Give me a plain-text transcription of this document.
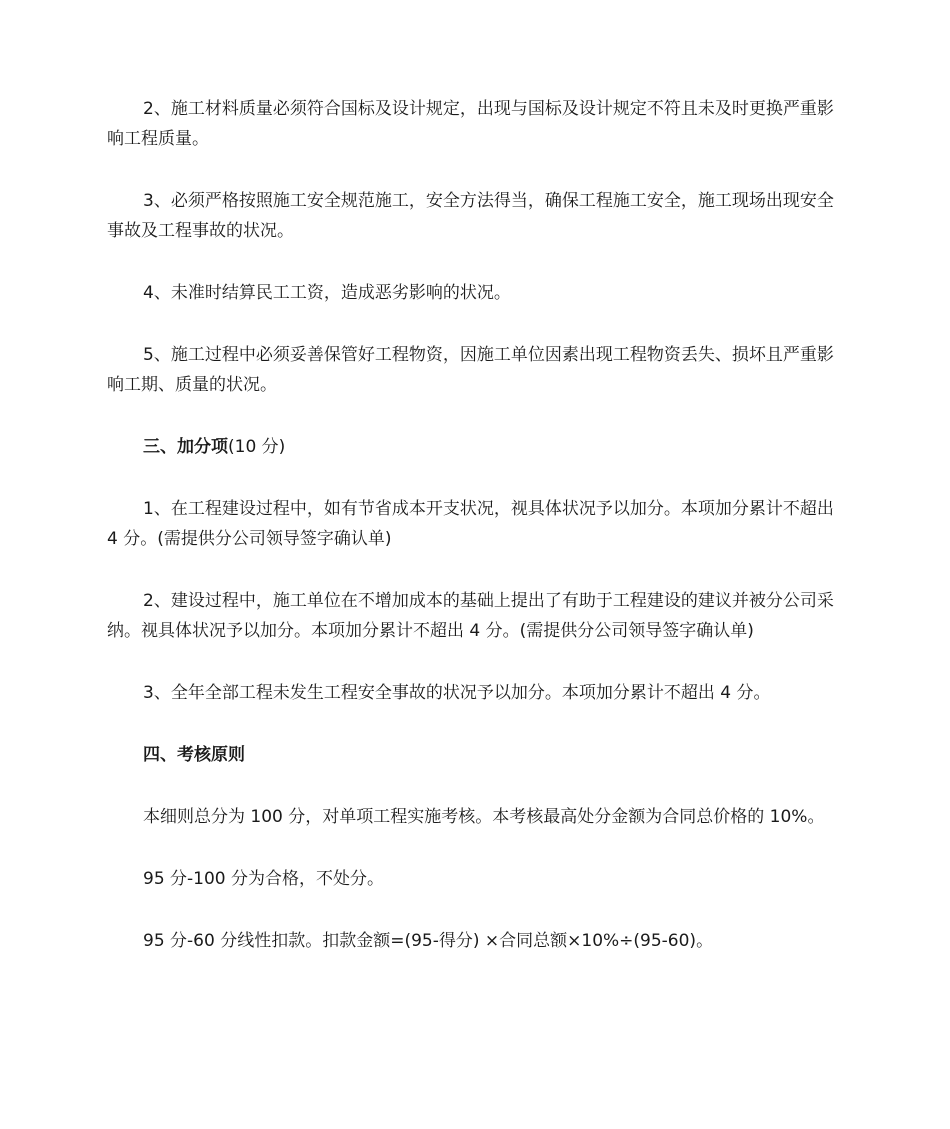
2、施工材料质量必须符合国标及设计规定，出现与国标及设计规定不符且未及时更换严重影响工程质量。

3、必须严格按照施工安全规范施工，安全方法得当，确保工程施工安全，施工现场出现安全事故及工程事故的状况。

4、未准时结算民工工资，造成恶劣影响的状况。

5、施工过程中必须妥善保管好工程物资，因施工单位因素出现工程物资丢失、损坏且严重影响工期、质量的状况。

三、加分项(10 分)

1、在工程建设过程中，如有节省成本开支状况，视具体状况予以加分。本项加分累计不超出 4 分。(需提供分公司领导签字确认单)

2、建设过程中，施工单位在不增加成本的基础上提出了有助于工程建设的建议并被分公司采纳。视具体状况予以加分。本项加分累计不超出 4 分。(需提供分公司领导签字确认单)

3、全年全部工程未发生工程安全事故的状况予以加分。本项加分累计不超出 4 分。

四、考核原则

本细则总分为 100 分，对单项工程实施考核。本考核最高处分金额为合同总价格的 10%。

95 分-100 分为合格，不处分。

95 分-60 分线性扣款。扣款金额=(95-得分) ×合同总额×10%÷(95-60)。
